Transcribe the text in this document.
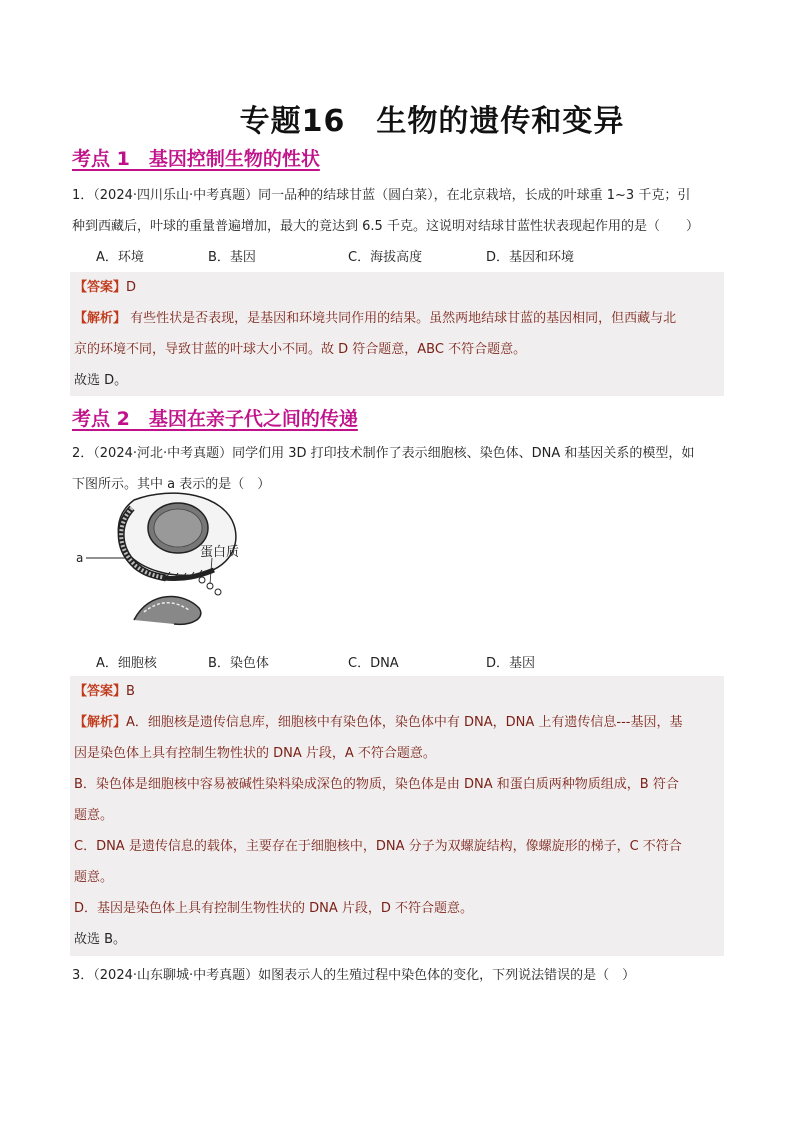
专题16　生物的遗传和变异
考点 1　基因控制生物的性状
1．（2024·四川乐山·中考真题）同一品种的结球甘蓝（圆白菜），在北京栽培，长成的叶球重 1~3 千克；引
种到西藏后，叶球的重量普遍增加，最大的竟达到 6.5 千克。这说明对结球甘蓝性状表现起作用的是（　　）
A．环境	B．基因	C．海拔高度	D．基因和环境
【答案】D
【解析】 有些性状是否表现，是基因和环境共同作用的结果。虽然两地结球甘蓝的基因相同，但西藏与北
京的环境不同，导致甘蓝的叶球大小不同。故 D 符合题意，ABC 不符合题意。
故选 D。
考点 2　基因在亲子代之间的传递
2．（2024·河北·中考真题）同学们用 3D 打印技术制作了表示细胞核、染色体、DNA 和基因关系的模型，如
下图所示。其中 a 表示的是（　）
a	蛋白质
A．细胞核	B．染色体	C．DNA	D．基因
【答案】B
【解析】A．细胞核是遗传信息库，细胞核中有染色体，染色体中有 DNA，DNA 上有遗传信息---基因，基
因是染色体上具有控制生物性状的 DNA 片段，A 不符合题意。
B．染色体是细胞核中容易被碱性染料染成深色的物质，染色体是由 DNA 和蛋白质两种物质组成，B 符合
题意。
C．DNA 是遗传信息的载体，主要存在于细胞核中，DNA 分子为双螺旋结构，像螺旋形的梯子，C 不符合
题意。
D．基因是染色体上具有控制生物性状的 DNA 片段，D 不符合题意。
故选 B。
3．（2024·山东聊城·中考真题）如图表示人的生殖过程中染色体的变化，下列说法错误的是（　）
